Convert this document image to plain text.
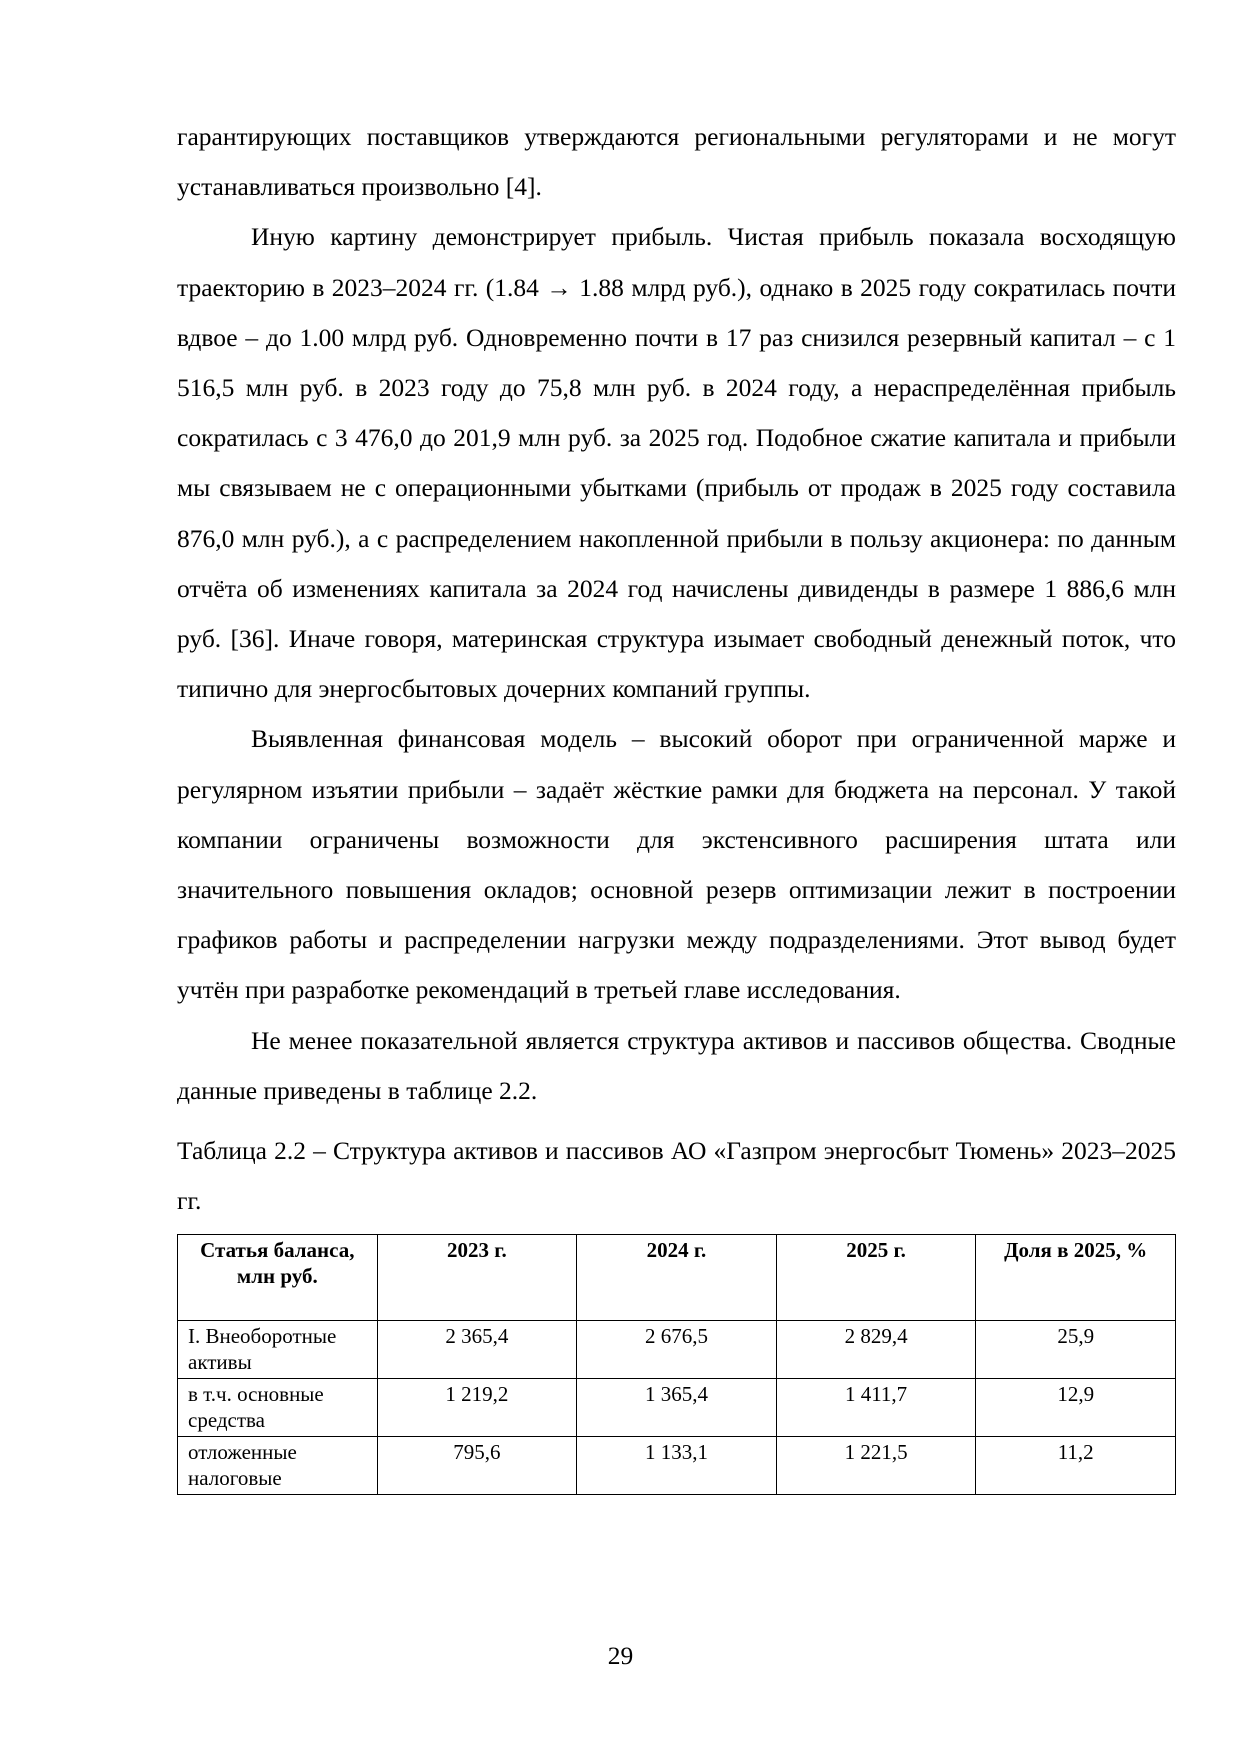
гарантирующих поставщиков утверждаются региональными регуляторами и не могут устанавливаться произвольно [4].

Иную картину демонстрирует прибыль. Чистая прибыль показала восходящую траекторию в 2023–2024 гг. (1.84 → 1.88 млрд руб.), однако в 2025 году сократилась почти вдвое – до 1.00 млрд руб. Одновременно почти в 17 раз снизился резервный капитал – с 1 516,5 млн руб. в 2023 году до 75,8 млн руб. в 2024 году, а нераспределённая прибыль сократилась с 3 476,0 до 201,9 млн руб. за 2025 год. Подобное сжатие капитала и прибыли мы связываем не с операционными убытками (прибыль от продаж в 2025 году составила 876,0 млн руб.), а с распределением накопленной прибыли в пользу акционера: по данным отчёта об изменениях капитала за 2024 год начислены дивиденды в размере 1 886,6 млн руб. [36]. Иначе говоря, материнская структура изымает свободный денежный поток, что типично для энергосбытовых дочерних компаний группы.

Выявленная финансовая модель – высокий оборот при ограниченной марже и регулярном изъятии прибыли – задаёт жёсткие рамки для бюджета на персонал. У такой компании ограничены возможности для экстенсивного расширения штата или значительного повышения окладов; основной резерв оптимизации лежит в построении графиков работы и распределении нагрузки между подразделениями. Этот вывод будет учтён при разработке рекомендаций в третьей главе исследования.

Не менее показательной является структура активов и пассивов общества. Сводные данные приведены в таблице 2.2.

Таблица 2.2 – Структура активов и пассивов АО «Газпром энергосбыт Тюмень» 2023–2025 гг.

Статья баланса, млн руб.	2023 г.	2024 г.	2025 г.	Доля в 2025, %
I. Внеоборотные активы	2 365,4	2 676,5	2 829,4	25,9
в т.ч. основные средства	1 219,2	1 365,4	1 411,7	12,9
отложенные налоговые	795,6	1 133,1	1 221,5	11,2
29
